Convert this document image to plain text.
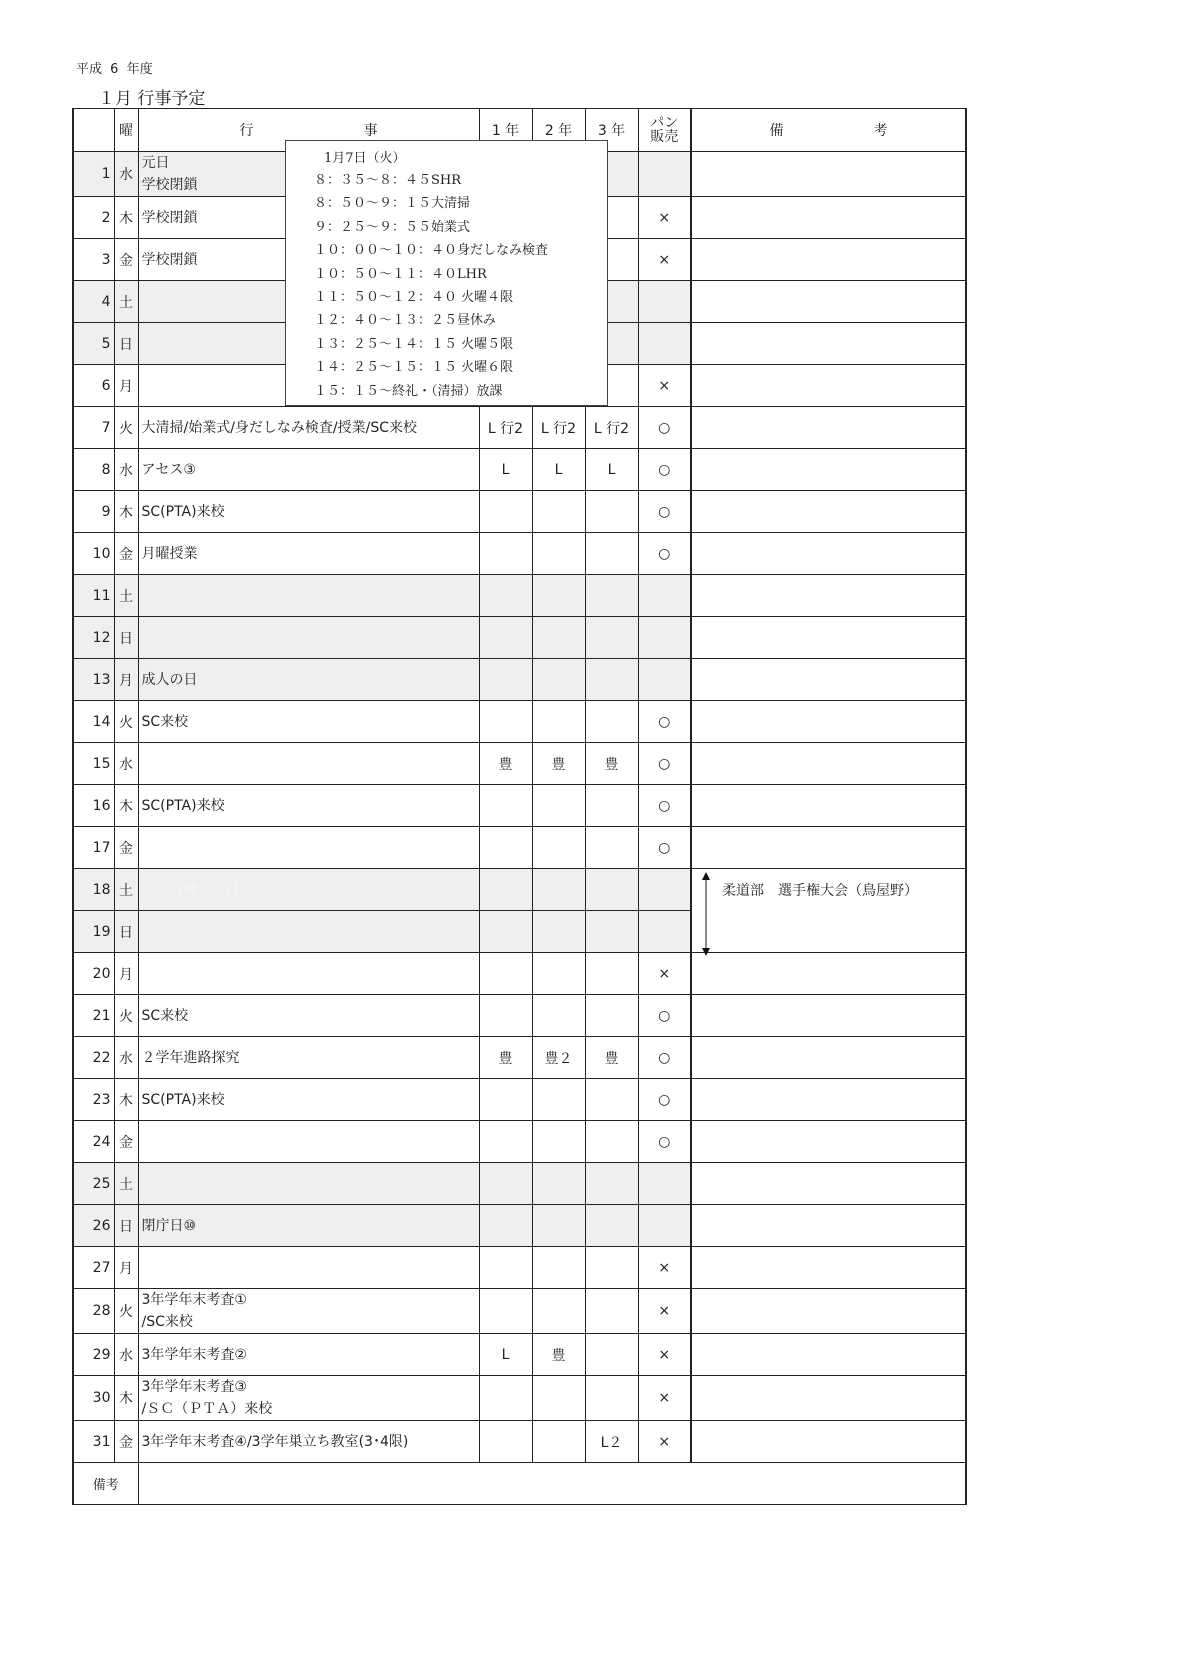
平成 6 年度
１月 行事予定
	曜	行 事	1 年	2 年	3 年	パン
販売	備 考
1	水	元日
学校閉鎖					

2	木	学校閉鎖				×	
3	金	学校閉鎖				×	
4	土	

5	日	

6	月					×	
7	火	大清掃/始業式/身だしなみ検査/授業/SC来校	L 行2	L 行2	L 行2	○	
8	水	アセス③	L	L	L	○	
9	木	SC(PTA)来校				○	
10	金	月曜授業				○	
11	土	

12	日	

13	月	成人の日					

14	火	SC来校				○	
15	水		豊	豊	豊	○	
16	木	SC(PTA)来校				○	
17	金					○	
18	土	消防点検（一日）					柔道部　選手権大会（鳥屋野）
19	日	

20	月					×	
21	火	SC来校				○	
22	水	２学年進路探究	豊	豊２	豊	○	
23	木	SC(PTA)来校				○	
24	金					○	
25	土	

26	日	閉庁日⑩					

27	月					×	
28	火	3年学年末考査①
/SC来校				×	
29	水	3年学年末考査②	L	豊		×	
30	木	3年学年末考査③
/ＳＣ（ＰＴＡ）来校				×	
31	金	3年学年末考査④/3学年巣立ち教室(3･4限)			L２	×	
備考							
1月7日（火）
８：３５～８：４５SHR
８：５０～９：１５大清掃
９：２５～９：５５始業式
１０：００～１０：４０身だしなみ検査
１０：５０～１１：４０LHR
１１：５０～１２：４０ 火曜４限
１２：４０～１３：２５昼休み
１３：２５～１４：１５ 火曜５限
１４：２５～１５：１５ 火曜６限
１５：１５～終礼・（清掃）放課
